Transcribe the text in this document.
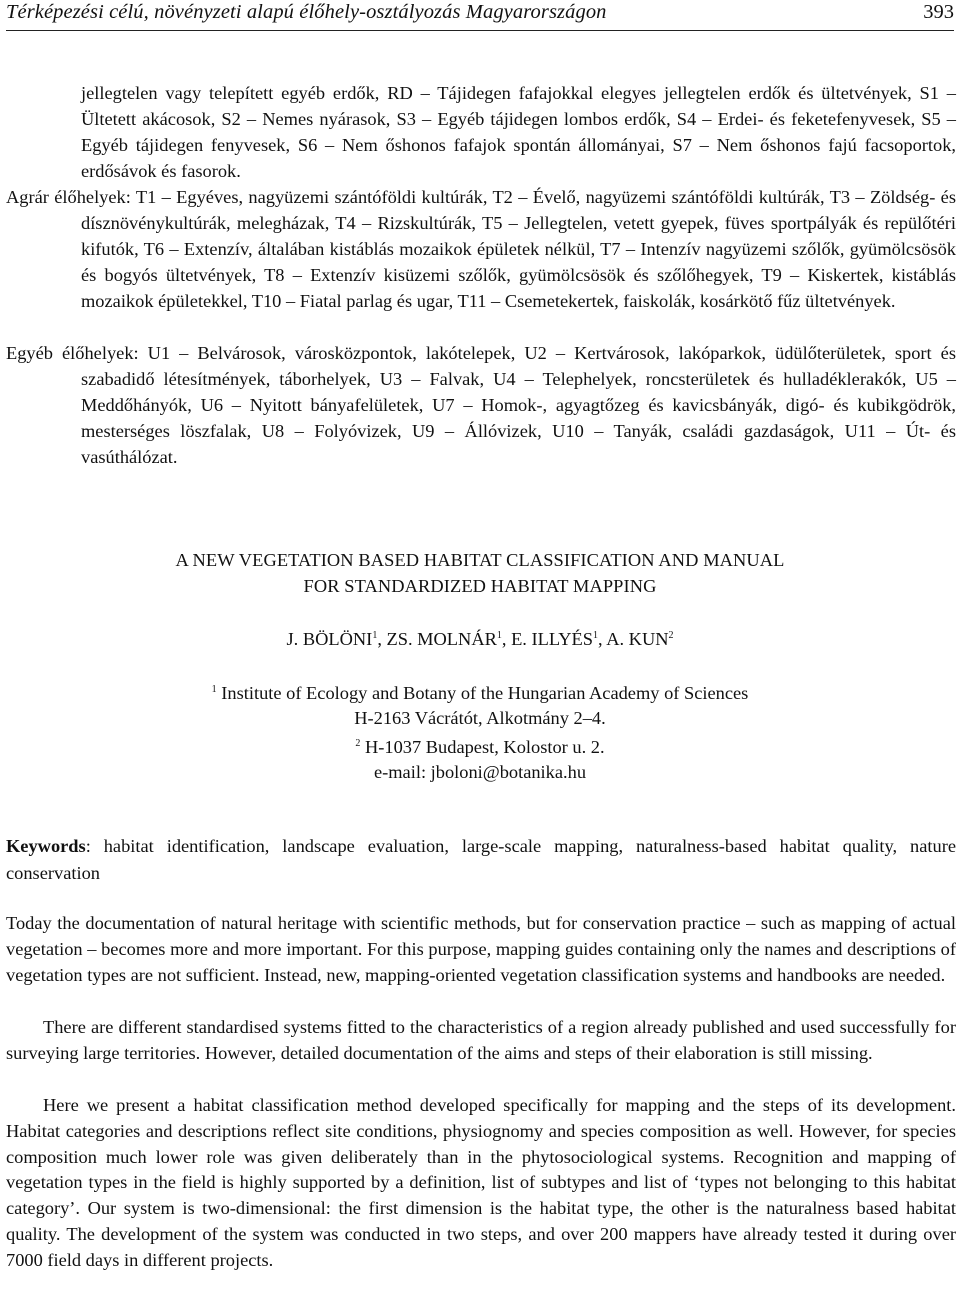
Térképezési célú, növényzeti alapú élőhely-osztályozás Magyarországon	393
jellegtelen vagy telepített egyéb erdők, RD – Tájidegen fafajokkal elegyes jellegtelen erdők és ültetvények, S1 – Ültetett akácosok, S2 – Nemes nyárasok, S3 – Egyéb tájidegen lombos erdők, S4 – Erdei- és feketefenyvesek, S5 – Egyéb tájidegen fenyvesek, S6 – Nem őshonos fafajok spontán állományai, S7 – Nem őshonos fajú facsoportok, erdősávok és fasorok.
Agrár élőhelyek: T1 – Egyéves, nagyüzemi szántóföldi kultúrák, T2 – Évelő, nagyüzemi szántóföldi kultúrák, T3 – Zöldség- és dísznövénykultúrák, melegházak, T4 – Rizskultúrák, T5 – Jellegtelen, vetett gyepek, füves sportpályák és repülőtéri kifutók, T6 – Extenzív, általában kistáblás mozaikok épületek nélkül, T7 – Intenzív nagyüzemi szőlők, gyümölcsösök és bogyós ültetvények, T8 – Extenzív kisüzemi szőlők, gyümölcsösök és szőlőhegyek, T9 – Kiskertek, kistáblás mozaikok épületekkel, T10 – Fiatal parlag és ugar, T11 – Csemetekertek, faiskolák, kosárkötő fűz ültetvények.
Egyéb élőhelyek: U1 – Belvárosok, városközpontok, lakótelepek, U2 – Kertvárosok, lakóparkok, üdülőterületek, sport és szabadidő létesítmények, táborhelyek, U3 – Falvak, U4 – Telephelyek, roncsterületek és hulladéklerakók, U5 – Meddőhányók, U6 – Nyitott bányafelületek, U7 – Homok-, agyagtőzeg és kavicsbányák, digó- és kubikgödrök, mesterséges löszfalak, U8 – Folyóvizek, U9 – Állóvizek, U10 – Tanyák, családi gazdaságok, U11 – Út- és vasúthálózat.
A NEW VEGETATION BASED HABITAT CLASSIFICATION AND MANUAL
FOR STANDARDIZED HABITAT MAPPING
J. BÖLÖNI$^1$, ZS. MOLNÁR$^1$, E. ILLYÉS$^1$, A. KUN$^2$
$^1$ Institute of Ecology and Botany of the Hungarian Academy of Sciences
H-2163 Vácrátót, Alkotmány 2–4.
$^2$ H-1037 Budapest, Kolostor u. 2.
e-mail: jboloni@botanika.hu
Keywords: habitat identification, landscape evaluation, large-scale mapping, naturalness-based habitat quality, nature conservation
Today the documentation of natural heritage with scientific methods, but for conservation practice – such as mapping of actual vegetation – becomes more and more important. For this purpose, mapping guides containing only the names and descriptions of vegetation types are not sufficient. Instead, new, mapping-oriented vegetation classification systems and handbooks are needed.
There are different standardised systems fitted to the characteristics of a region already published and used successfully for surveying large territories. However, detailed documentation of the aims and steps of their elaboration is still missing.
Here we present a habitat classification method developed specifically for mapping and the steps of its development. Habitat categories and descriptions reflect site conditions, physiognomy and species composition as well. However, for species composition much lower role was given deliberately than in the phytosociological systems. Recognition and mapping of vegetation types in the field is highly supported by a definition, list of subtypes and list of ‘types not belonging to this habitat category’. Our system is two-dimensional: the first dimension is the habitat type, the other is the naturalness based habitat quality. The development of the system was conducted in two steps, and over 200 mappers have already tested it during over 7000 field days in different projects.
